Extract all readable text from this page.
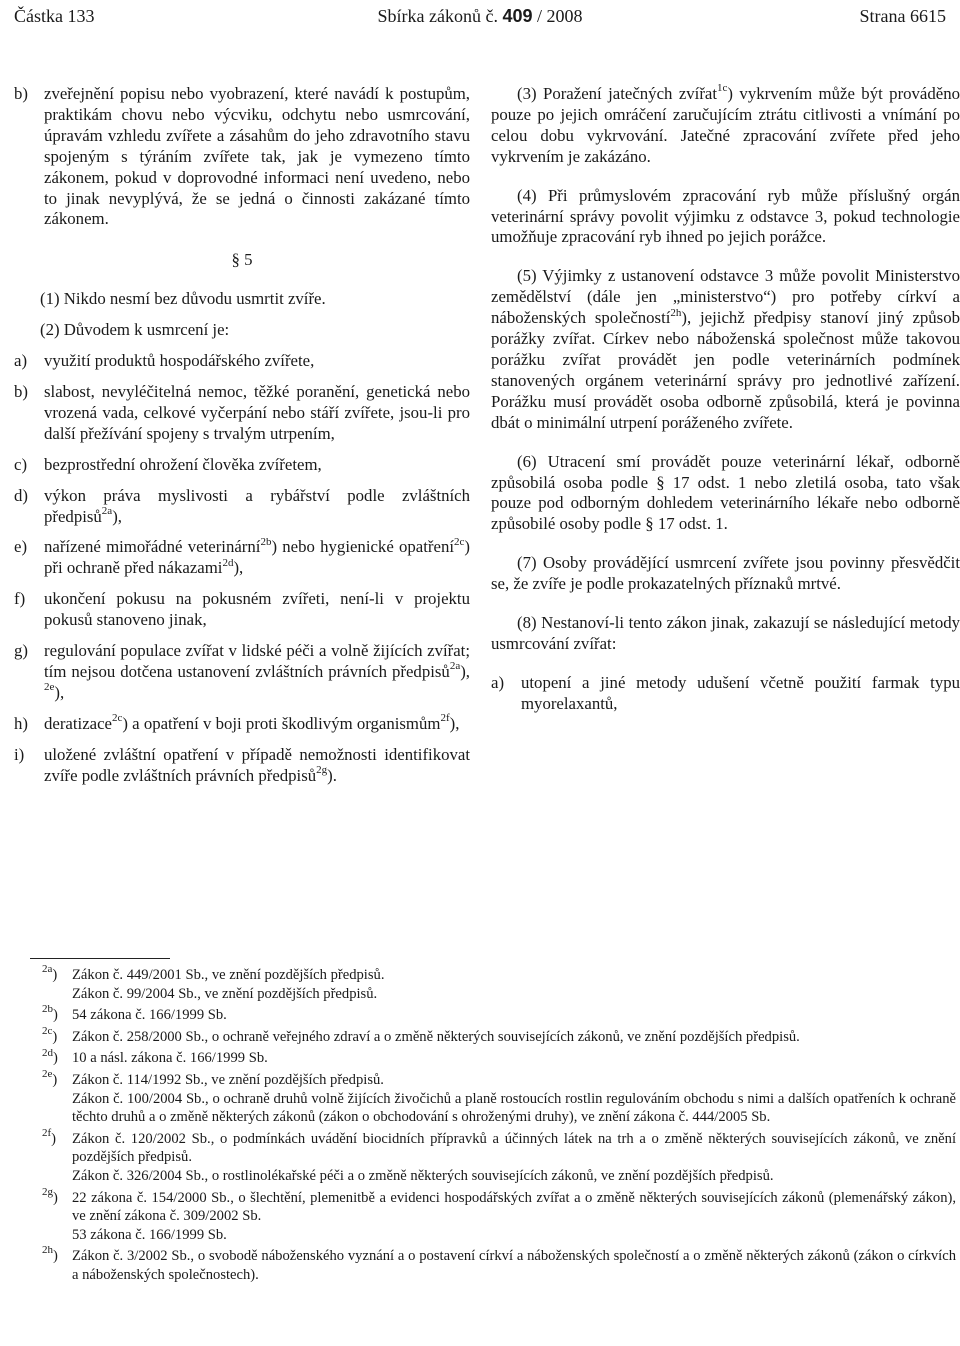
Částka 133	Sbírka zákonů č. 409 / 2008	Strana 6615

b) zveřejnění popisu nebo vyobrazení, které navádí k postupům, praktikám chovu nebo výcviku, odchytu nebo usmrcování, úpravám vzhledu zvířete a zásahům do jeho zdravotního stavu spojeným s týráním zvířete tak, jak je vymezeno tímto zákonem, pokud v doprovodné informaci není uvedeno, nebo to jinak nevyplývá, že se jedná o činnosti zakázané tímto zákonem.

§ 5

(1) Nikdo nesmí bez důvodu usmrtit zvíře.

(2) Důvodem k usmrcení je:

a) využití produktů hospodářského zvířete,

b) slabost, nevyléčitelná nemoc, těžké poranění, genetická nebo vrozená vada, celkové vyčerpání nebo stáří zvířete, jsou-li pro další přežívání spojeny s trvalým utrpením,

c) bezprostřední ohrožení člověka zvířetem,

d) výkon práva myslivosti a rybářství podle zvláštních předpisů$^{2a}$),

e) nařízené mimořádné veterinární$^{2b}$) nebo hygienické opatření$^{2c}$) při ochraně před nákazami$^{2d}$),

f) ukončení pokusu na pokusném zvířeti, není-li v projektu pokusů stanoveno jinak,

g) regulování populace zvířat v lidské péči a volně žijících zvířat; tím nejsou dotčena ustanovení zvláštních právních předpisů$^{2a}$), $^{2e}$),

h) deratizace$^{2c}$) a opatření v boji proti škodlivým organismům$^{2f}$),

i) uložené zvláštní opatření v případě nemožnosti identifikovat zvíře podle zvláštních právních předpisů$^{2g}$).

(3) Poražení jatečných zvířat$^{1c}$) vykrvením může být prováděno pouze po jejich omráčení zaručujícím ztrátu citlivosti a vnímání po celou dobu vykrvování. Jatečné zpracování zvířete před jeho vykrvením je zakázáno.

(4) Při průmyslovém zpracování ryb může příslušný orgán veterinární správy povolit výjimku z odstavce 3, pokud technologie umožňuje zpracování ryb ihned po jejich porážce.

(5) Výjimky z ustanovení odstavce 3 může povolit Ministerstvo zemědělství (dále jen „ministerstvo“) pro potřeby církví a náboženských společností$^{2h}$), jejichž předpisy stanoví jiný způsob porážky zvířat. Církev nebo náboženská společnost může takovou porážku zvířat provádět jen podle veterinárních podmínek stanovených orgánem veterinární správy pro jednotlivé zařízení. Porážku musí provádět osoba odborně způsobilá, která je povinna dbát o minimální utrpení poráženého zvířete.

(6) Utracení smí provádět pouze veterinární lékař, odborně způsobilá osoba podle § 17 odst. 1 nebo zletilá osoba, tato však pouze pod odborným dohledem veterinárního lékaře nebo odborně způsobilé osoby podle § 17 odst. 1.

(7) Osoby provádějící usmrcení zvířete jsou povinny přesvědčit se, že zvíře je podle prokazatelných příznaků mrtvé.

(8) Nestanoví-li tento zákon jinak, zakazují se následující metody usmrcování zvířat:

a) utopení a jiné metody udušení včetně použití farmak typu myorelaxantů,

$^{2a}$) Zákon č. 449/2001 Sb., ve znění pozdějších předpisů.
Zákon č. 99/2004 Sb., ve znění pozdějších předpisů.

$^{2b}$) 54 zákona č. 166/1999 Sb.

$^{2c}$) Zákon č. 258/2000 Sb., o ochraně veřejného zdraví a o změně některých souvisejících zákonů, ve znění pozdějších předpisů.

$^{2d}$) 10 a násl. zákona č. 166/1999 Sb.

$^{2e}$) Zákon č. 114/1992 Sb., ve znění pozdějších předpisů.
Zákon č. 100/2004 Sb., o ochraně druhů volně žijících živočichů a planě rostoucích rostlin regulováním obchodu s nimi a dalších opatřeních k ochraně těchto druhů a o změně některých zákonů (zákon o obchodování s ohroženými druhy), ve znění zákona č. 444/2005 Sb.

$^{2f}$) Zákon č. 120/2002 Sb., o podmínkách uvádění biocidních přípravků a účinných látek na trh a o změně některých souvisejících zákonů, ve znění pozdějších předpisů.
Zákon č. 326/2004 Sb., o rostlinolékařské péči a o změně některých souvisejících zákonů, ve znění pozdějších předpisů.

$^{2g}$) 22 zákona č. 154/2000 Sb., o šlechtění, plemenitbě a evidenci hospodářských zvířat a o změně některých souvisejících zákonů (plemenářský zákon), ve znění zákona č. 309/2002 Sb.
53 zákona č. 166/1999 Sb.

$^{2h}$) Zákon č. 3/2002 Sb., o svobodě náboženského vyznání a o postavení církví a náboženských společností a o změně některých zákonů (zákon o církvích a náboženských společnostech).
